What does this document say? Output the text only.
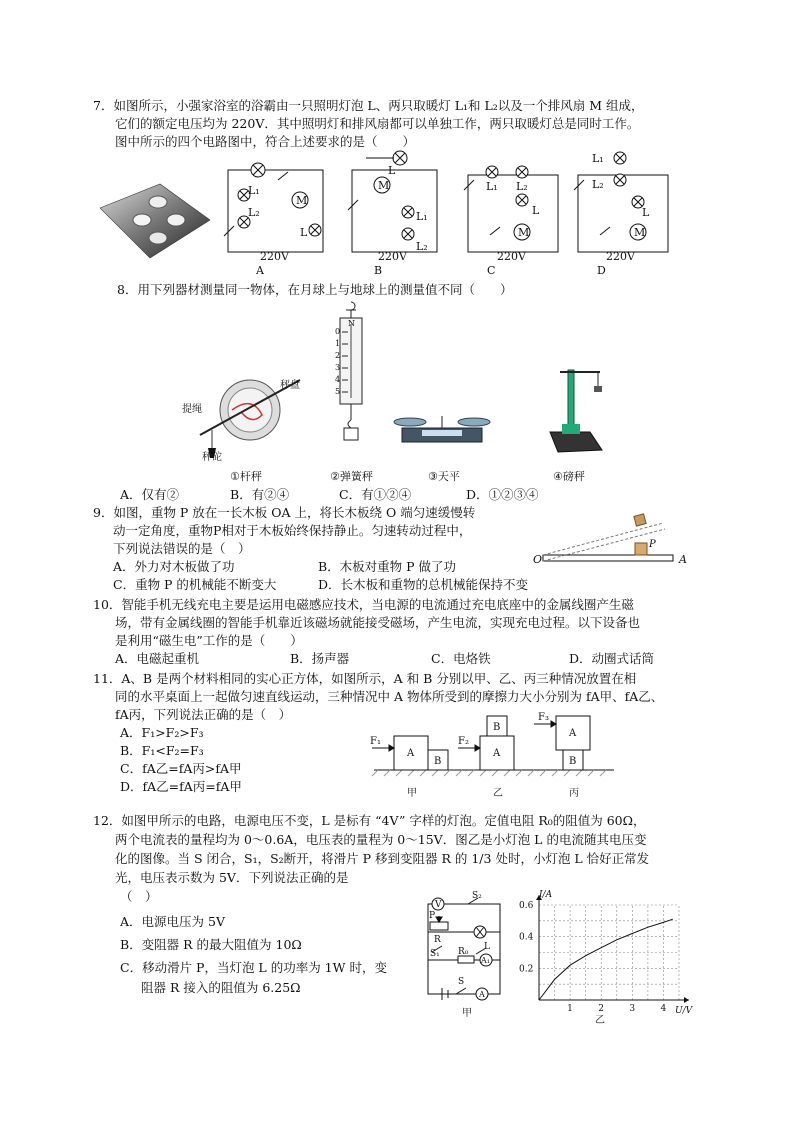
7．如图所示，小强家浴室的浴霸由一只照明灯泡 L、两只取暖灯 L₁和 L₂以及一个排风扇 M 组成，
它们的额定电压均为 220V．其中照明灯和排风扇都可以单独工作，两只取暖灯总是同时工作。
图中所示的四个电路图中，符合上述要求的是（　　）
L₁
L₂
M
L
220V
L
M
L₁
L₂
220V
L₁ L₂
L
M
220V
L₁
L₂
L
M
220V
A	B	C	D
8．用下列器材测量同一物体，在月球上与地球上的测量值不同（　　）
提绳
秤盘
秤砣
N
0
1
2
3
4
5
①杆秤	②弹簧秤	③天平	④磅秤
A．仅有②	B．有②④	C．有①②④	D．①②③④
9．如图，重物 P 放在一长木板 OA 上，将长木板绕 O 端匀速缓慢转
动一定角度，重物P相对于木板始终保持静止。匀速转动过程中，
下列说法错误的是（　）
A．外力对木板做了功	B．木板对重物 P 做了功
C．重物 P 的机械能不断变大	D．长木板和重物的总机械能保持不变
O	A
P
10．智能手机无线充电主要是运用电磁感应技术，当电源的电流通过充电底座中的金属线圈产生磁
场，带有金属线圈的智能手机靠近该磁场就能接受磁场，产生电流，实现充电过程。以下设备也
是利用“磁生电”工作的是（　　）
A．电磁起重机	B．扬声器	C．电烙铁	D．动圈式话筒
11．A、B 是两个材料相同的实心正方体，如图所示，A 和 B 分别以甲、乙、丙三种情况放置在相
同的水平桌面上一起做匀速直线运动，三种情况中 A 物体所受到的摩擦力大小分别为 fA甲、fA乙、
fA丙，下列说法正确的是（　）
A．F₁>F₂>F₃
B．F₁<F₂=F₃
C．fA乙=fA丙>fA甲
D．fA乙=fA丙=fA甲
A
B
A
B
A
B
F₁	F₂
F₃
甲	乙	丙
12．如图甲所示的电路，电源电压不变，L 是标有 “4V” 字样的灯泡。定值电阻 R₀的阻值为 60Ω，
两个电流表的量程均为 0～0.6A，电压表的量程为 0～15V．图乙是小灯泡 L 的电流随其电压变
化的图像。当 S 闭合，S₁，S₂断开，将滑片 P 移到变阻器 R 的 1/3 处时，小灯泡 L 恰好正常发
光，电压表示数为 5V．下列说法正确的是
（　）
A．电源电压为 5V
B．变阻器 R 的最大阻值为 10Ω
C．移动滑片 P，当灯泡 L 的功率为 1W 时，变
阻器 R 接入的阻值为 6.25Ω
V
S₂
P
R
L
S₁ R₀
A₁
S
A
甲	1	2	3	4
0.2
0.4
0.6
I/A
U/V
乙
